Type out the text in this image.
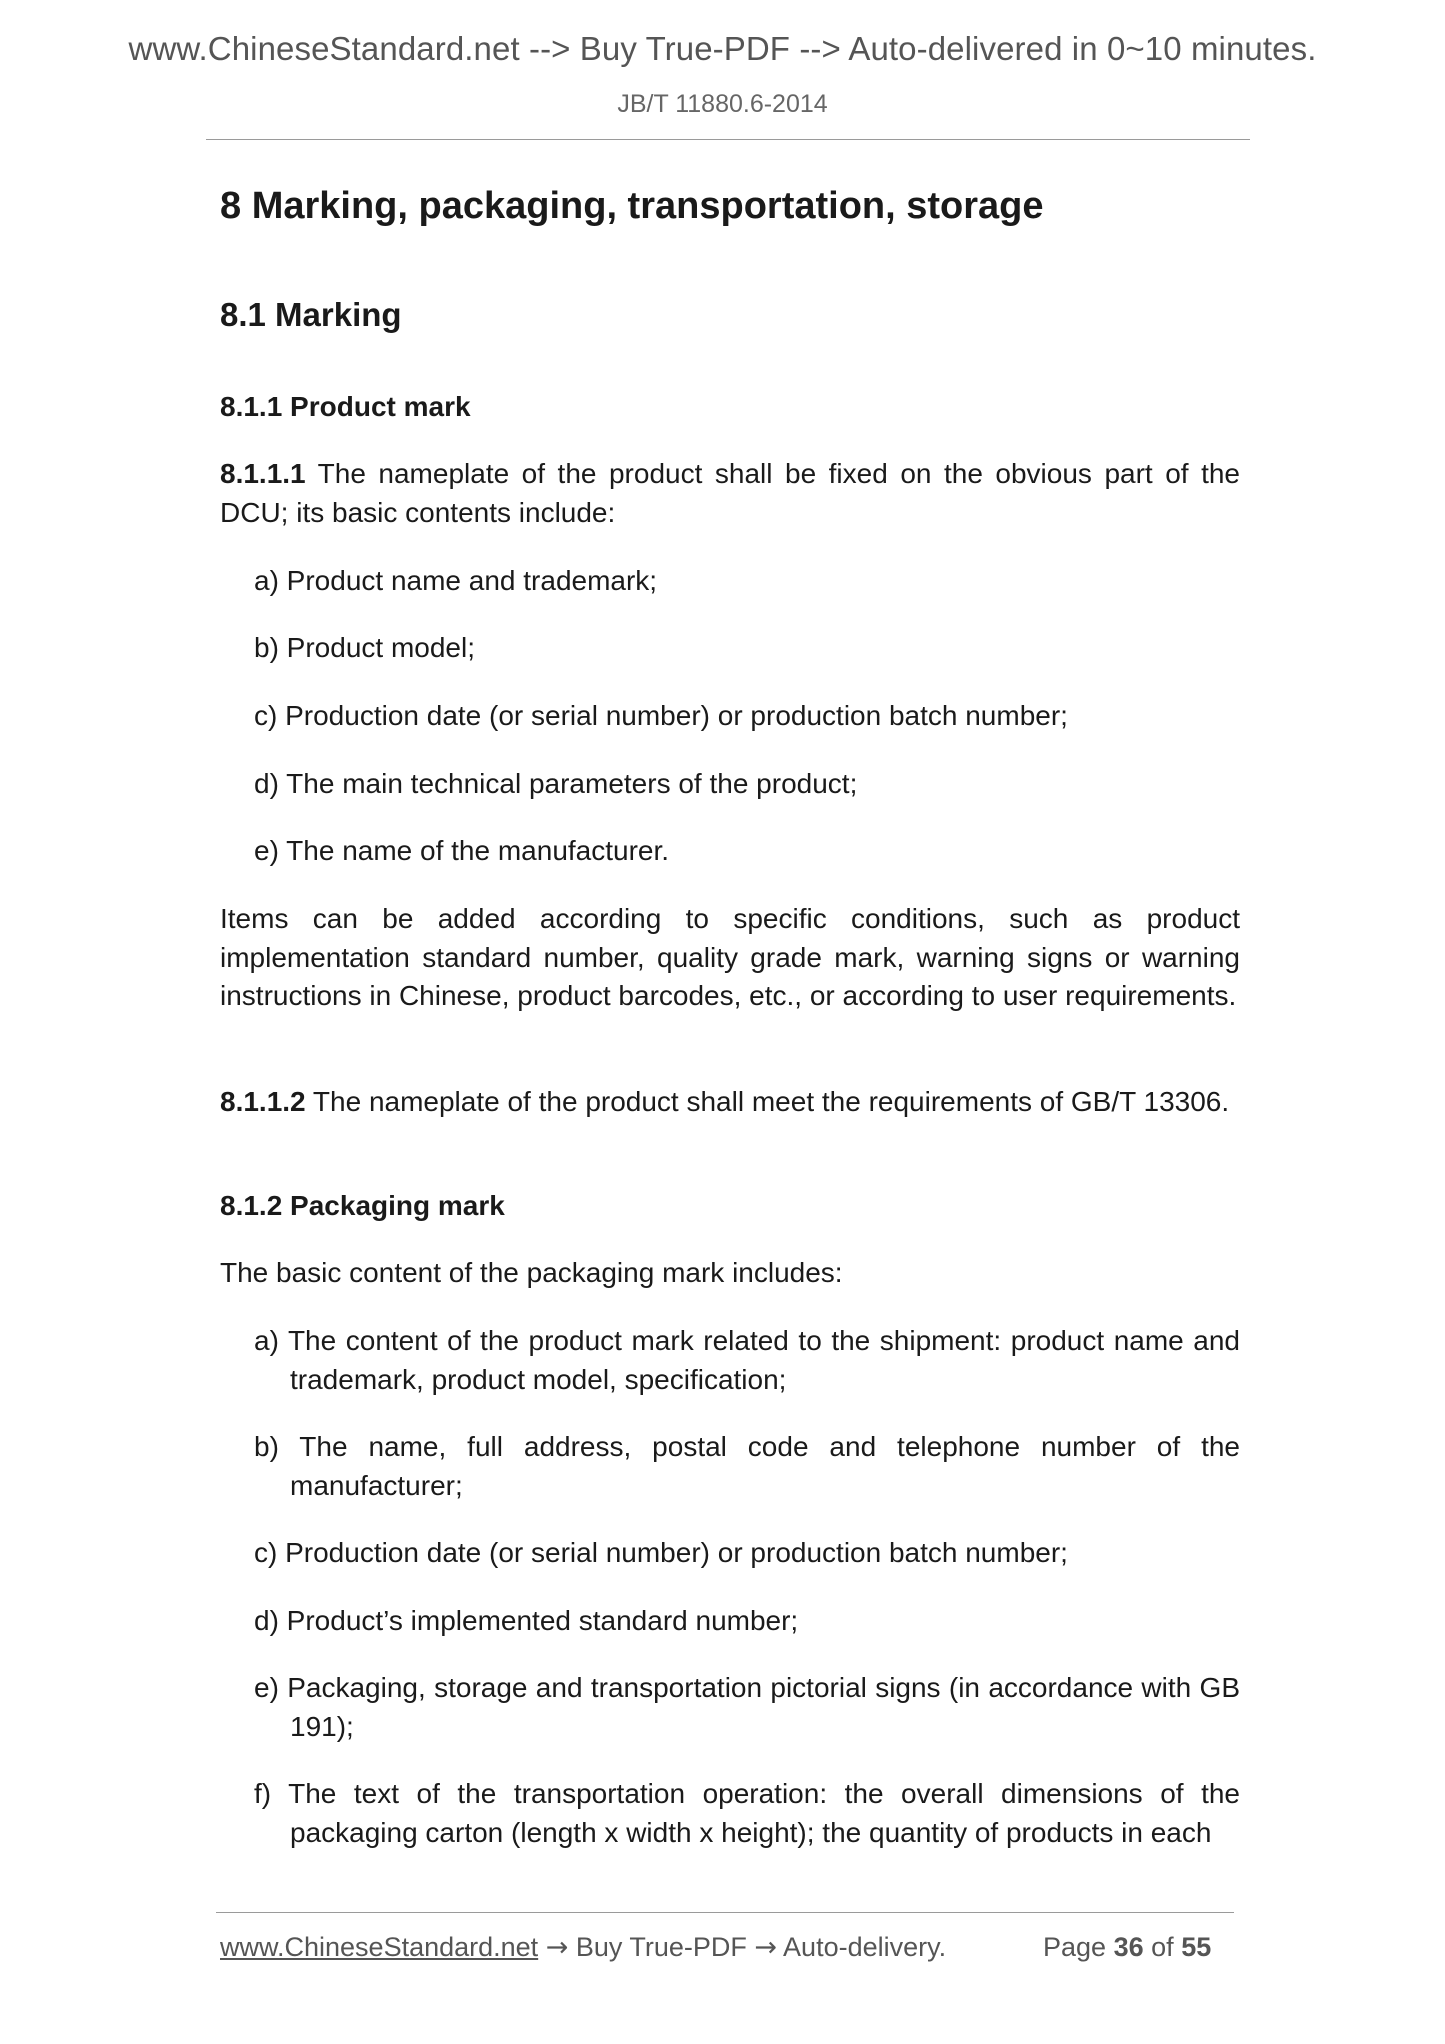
www.ChineseStandard.net --> Buy True-PDF --> Auto-delivered in 0~10 minutes.
JB/T 11880.6-2014
8 Marking, packaging, transportation, storage
8.1 Marking
8.1.1 Product mark
8.1.1.1 The nameplate of the product shall be fixed on the obvious part of the DCU; its basic contents include:
a) Product name and trademark;
b) Product model;
c) Production date (or serial number) or production batch number;
d) The main technical parameters of the product;
e) The name of the manufacturer.
Items can be added according to specific conditions, such as product implementation standard number, quality grade mark, warning signs or warning instructions in Chinese, product barcodes, etc., or according to user requirements.
8.1.1.2 The nameplate of the product shall meet the requirements of GB/T 13306.
8.1.2 Packaging mark
The basic content of the packaging mark includes:
a) The content of the product mark related to the shipment: product name and trademark, product model, specification;
b) The name, full address, postal code and telephone number of the manufacturer;
c) Production date (or serial number) or production batch number;
d) Product’s implemented standard number;
e) Packaging, storage and transportation pictorial signs (in accordance with GB 191);
f) The text of the transportation operation: the overall dimensions of the packaging carton (length x width x height); the quantity of products in each
www.ChineseStandard.net → Buy True-PDF → Auto-delivery.	Page 36 of 55
